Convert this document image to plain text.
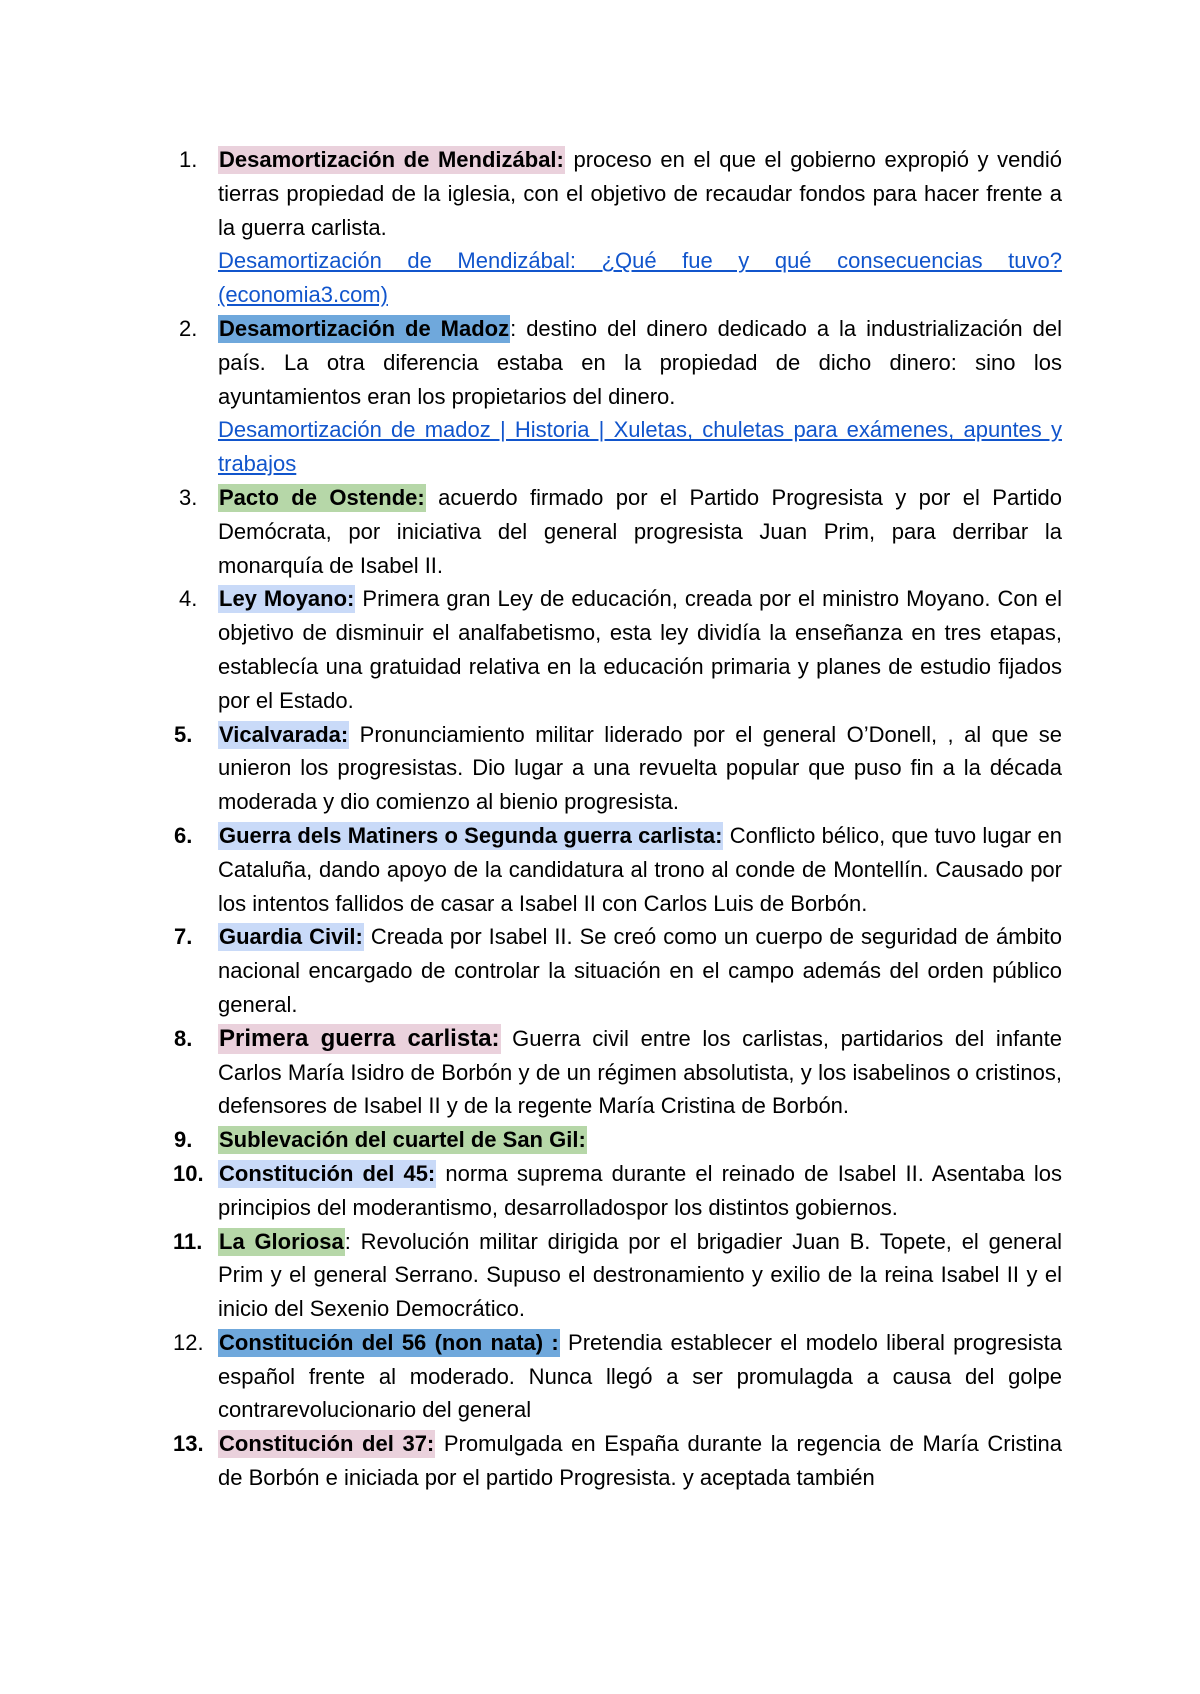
1. Desamortización de Mendizábal: proceso en el que el gobierno expropió y vendió tierras propiedad de la iglesia, con el objetivo de recaudar fondos para hacer frente a la guerra carlista.
Desamortización de Mendizábal: ¿Qué fue y qué consecuencias tuvo? (economia3.com)
2. Desamortización de Madoz: destino del dinero dedicado a la industrialización del país. La otra diferencia estaba en la propiedad de dicho dinero: sino los ayuntamientos eran los propietarios del dinero.
Desamortización de madoz | Historia | Xuletas, chuletas para exámenes, apuntes y trabajos
3. Pacto de Ostende: acuerdo firmado por el Partido Progresista y por el Partido Demócrata, por iniciativa del general progresista Juan Prim, para derribar la monarquía de Isabel II.
4. Ley Moyano: Primera gran Ley de educación, creada por el ministro Moyano. Con el objetivo de disminuir el analfabetismo, esta ley dividía la enseñanza en tres etapas, establecía una gratuidad relativa en la educación primaria y planes de estudio fijados por el Estado.
5. Vicalvarada: Pronunciamiento militar liderado por el general O’Donell, , al que se unieron los progresistas. Dio lugar a una revuelta popular que puso fin a la década moderada y dio comienzo al bienio progresista.
6. Guerra dels Matiners o Segunda guerra carlista: Conflicto bélico, que tuvo lugar en Cataluña, dando apoyo de la candidatura al trono al conde de Montellín. Causado por los intentos fallidos de casar a Isabel II con Carlos Luis de Borbón.
7. Guardia Civil: Creada por Isabel II. Se creó como un cuerpo de seguridad de ámbito nacional encargado de controlar la situación en el campo además del orden público general.
8. Primera guerra carlista: Guerra civil entre los carlistas, partidarios del infante Carlos María Isidro de Borbón y de un régimen absolutista, y los isabelinos o cristinos, defensores de Isabel II y de la regente María Cristina de Borbón.
9. Sublevación del cuartel de San Gil:
10. Constitución del 45: norma suprema durante el reinado de Isabel II. Asentaba los principios del moderantismo, desarrolladospor los distintos gobiernos.
11. La Gloriosa: Revolución militar dirigida por el brigadier Juan B. Topete, el general Prim y el general Serrano. Supuso el destronamiento y exilio de la reina Isabel II y el inicio del Sexenio Democrático.
12. Constitución del 56 (non nata) : Pretendia establecer el modelo liberal progresista español frente al moderado. Nunca llegó a ser promulagda a causa del golpe contrarevolucionario del general
13. Constitución del 37: Promulgada en España durante la regencia de María Cristina de Borbón e iniciada por el partido Progresista. y aceptada también
